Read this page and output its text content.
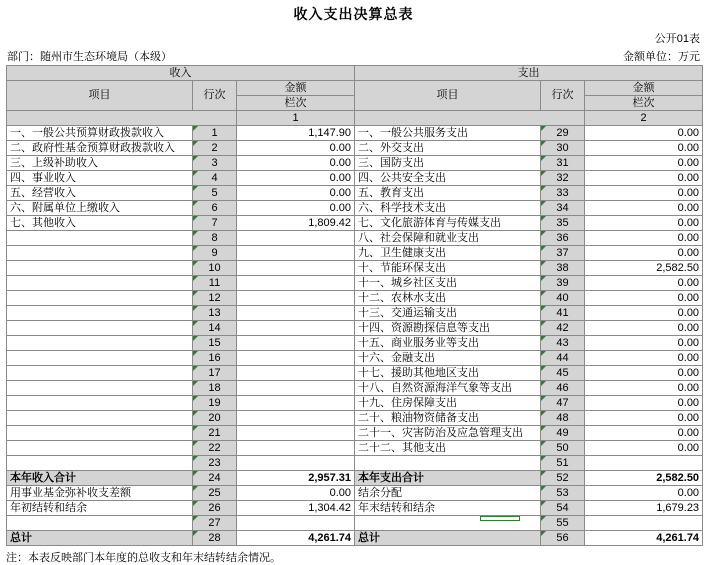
收入支出决算总表

公开01表
部门：随州市生态环境局（本级）	金额单位：万元
收入			支出		
项目	行次	金额	项目	行次	金额
		栏次			栏次
		1			2
一、一般公共预算财政拨款收入	1	1,147.90	一、一般公共服务支出	29	0.00
二、政府性基金预算财政拨款收入	2	0.00	二、外交支出	30	0.00
三、上级补助收入	3	0.00	三、国防支出	31	0.00
四、事业收入	4	0.00	四、公共安全支出	32	0.00
五、经营收入	5	0.00	五、教育支出	33	0.00
六、附属单位上缴收入	6	0.00	六、科学技术支出	34	0.00
七、其他收入	7	1,809.42	七、文化旅游体育与传媒支出	35	0.00
	8		八、社会保障和就业支出	36	0.00
	9		九、卫生健康支出	37	0.00
	10		十、节能环保支出	38	2,582.50
	11		十一、城乡社区支出	39	0.00
	12		十二、农林水支出	40	0.00
	13		十三、交通运输支出	41	0.00
	14		十四、资源勘探信息等支出	42	0.00
	15		十五、商业服务业等支出	43	0.00
	16		十六、金融支出	44	0.00
	17		十七、援助其他地区支出	45	0.00
	18		十八、自然资源海洋气象等支出	46	0.00
	19		十九、住房保障支出	47	0.00
	20		二十、粮油物资储备支出	48	0.00
	21		二十一、灾害防治及应急管理支出	49	0.00
	22		二十二、其他支出	50	0.00
	23			51	
本年收入合计	24	2,957.31	本年支出合计	52	2,582.50
用事业基金弥补收支差额	25	0.00	结余分配	53	0.00
年初结转和结余	26	1,304.42	年末结转和结余	54	1,679.23
	27			55	
总计	28	4,261.74	总计	56	4,261.74
注：本表反映部门本年度的总收支和年末结转结余情况。
